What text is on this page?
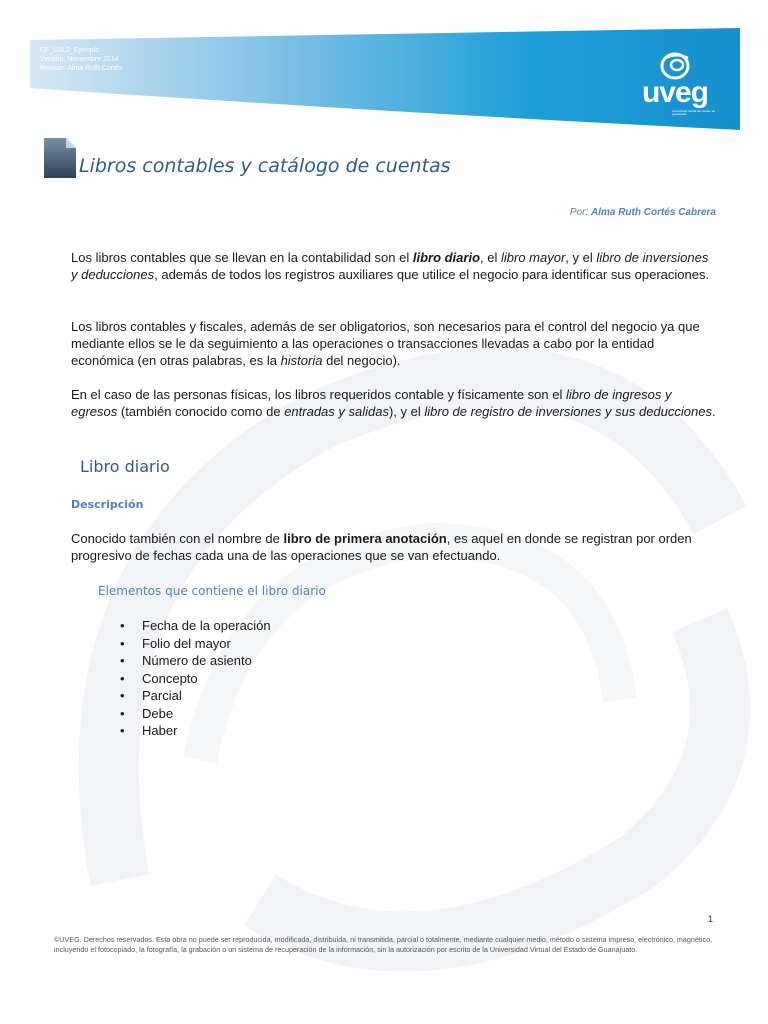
CF_U3L2_Ejemplo
Versión: Noviembre 2014
Revisor: Alma Ruth Cortés
uveg
universidad virtual del estado de guanajuato
Libros contables y catálogo de cuentas
Por: Alma Ruth Cortés Cabrera
Los libros contables que se llevan en la contabilidad son el libro diario, el libro mayor, y el libro de inversiones y deducciones, además de todos los registros auxiliares que utilice el negocio para identificar sus operaciones.
Los libros contables y fiscales, además de ser obligatorios, son necesarios para el control del negocio ya que mediante ellos se le da seguimiento a las operaciones o transacciones llevadas a cabo por la entidad económica (en otras palabras, es la historia del negocio).
En el caso de las personas físicas, los libros requeridos contable y físicamente son el libro de ingresos y egresos (también conocido como de entradas y salidas), y el libro de registro de inversiones y sus deducciones.
Libro diario
Descripción
Conocido también con el nombre de libro de primera anotación, es aquel en donde se registran por orden progresivo de fechas cada una de las operaciones que se van efectuando.
Elementos que contiene el libro diario
• Fecha de la operación
• Folio del mayor
• Número de asiento
• Concepto
• Parcial
• Debe
• Haber
1
©UVEG. Derechos reservados. Esta obra no puede ser reproducida, modificada, distribuida, ni transmitida, parcial o totalmente, mediante cualquier medio, método o sistema impreso, electrónico, magnético, incluyendo el fotocopiado, la fotografía, la grabación o un sistema de recuperación de la información, sin la autorización por escrito de la Universidad Virtual del Estado de Guanajuato.
